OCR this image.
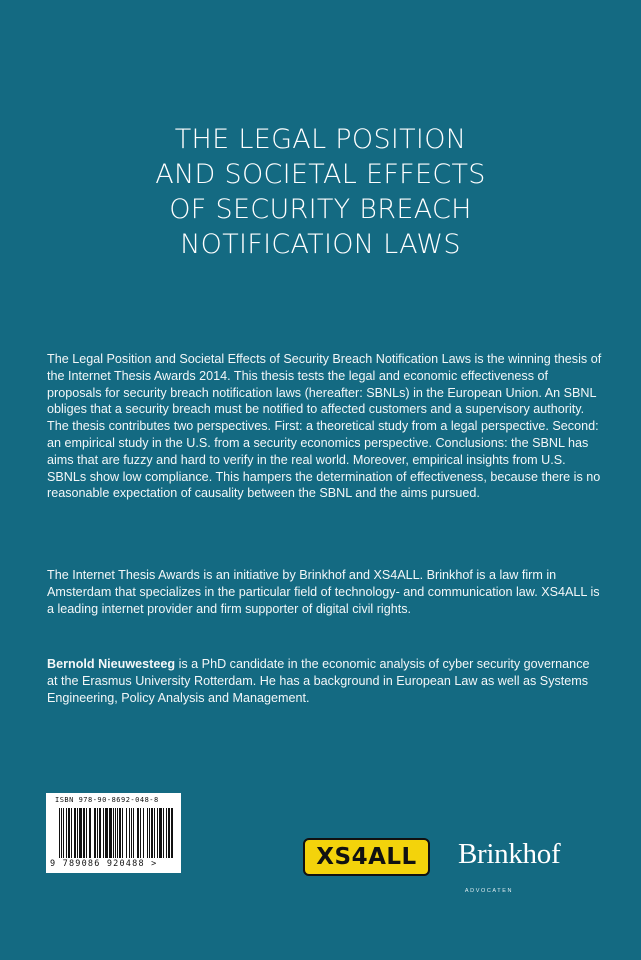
THE LEGAL POSITION
AND SOCIETAL EFFECTS
OF SECURITY BREACH
NOTIFICATION LAWS

The Legal Position and Societal Effects of Security Breach Notification Laws is the winning thesis of the Internet Thesis Awards 2014. This thesis tests the legal and economic effectiveness of proposals for security breach notification laws (hereafter: SBNLs) in the European Union. An SBNL obliges that a security breach must be notified to affected customers and a supervisory authority. The thesis contributes two perspectives. First: a theoretical study from a legal perspective. Second: an empirical study in the U.S. from a security economics perspective. Conclusions: the SBNL has aims that are fuzzy and hard to verify in the real world. Moreover, empirical insights from U.S. SBNLs show low compliance. This hampers the determination of effectiveness, because there is no reasonable expectation of causality between the SBNL and the aims pursued.

The Internet Thesis Awards is an initiative by Brinkhof and XS4ALL. Brinkhof is a law firm in Amsterdam that specializes in the particular field of technology- and communication law. XS4ALL is a leading internet provider and firm supporter of digital civil rights.

Bernold Nieuwesteeg is a PhD candidate in the economic analysis of cyber security governance at the Erasmus University Rotterdam. He has a background in European Law as well as Systems Engineering, Policy Analysis and Management.

ISBN 978-90-8692-048-8
9 789086 920488 >	XS4ALL Brinkhof
ADVOCATEN
